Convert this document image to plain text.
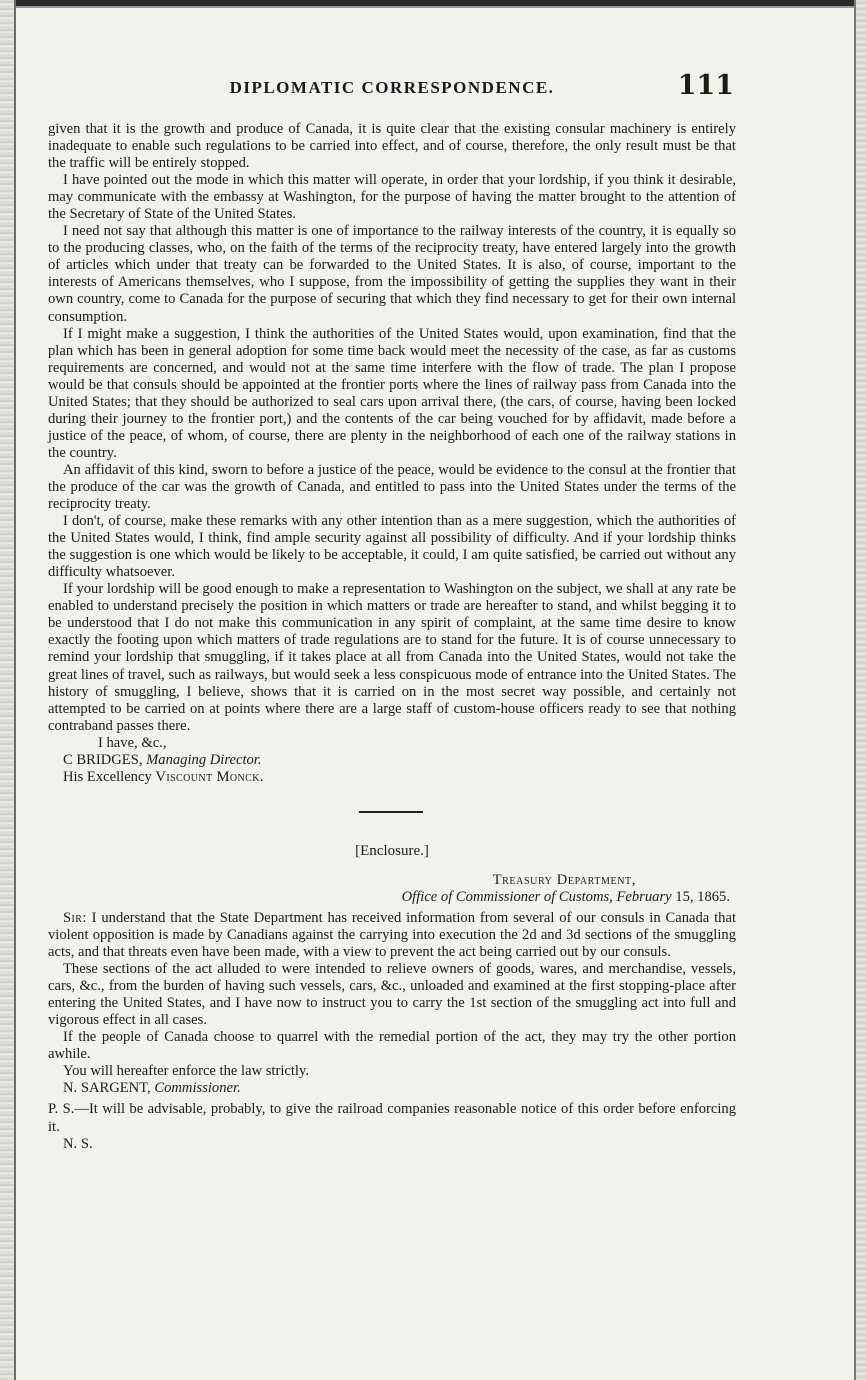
DIPLOMATIC CORRESPONDENCE.	111

given that it is the growth and produce of Canada, it is quite clear that the existing consular machinery is entirely inadequate to enable such regulations to be carried into effect, and of course, therefore, the only result must be that the traffic will be entirely stopped.

I have pointed out the mode in which this matter will operate, in order that your lordship, if you think it desirable, may communicate with the embassy at Washington, for the purpose of having the matter brought to the attention of the Secretary of State of the United States.

I need not say that although this matter is one of importance to the railway interests of the country, it is equally so to the producing classes, who, on the faith of the terms of the reciprocity treaty, have entered largely into the growth of articles which under that treaty can be forwarded to the United States. It is also, of course, important to the interests of Americans themselves, who I suppose, from the impossibility of getting the supplies they want in their own country, come to Canada for the purpose of securing that which they find necessary to get for their own internal consumption.

If I might make a suggestion, I think the authorities of the United States would, upon examination, find that the plan which has been in general adoption for some time back would meet the necessity of the case, as far as customs requirements are concerned, and would not at the same time interfere with the flow of trade. The plan I propose would be that consuls should be appointed at the frontier ports where the lines of railway pass from Canada into the United States; that they should be authorized to seal cars upon arrival there, (the cars, of course, having been locked during their journey to the frontier port,) and the contents of the car being vouched for by affidavit, made before a justice of the peace, of whom, of course, there are plenty in the neighborhood of each one of the railway stations in the country.

An affidavit of this kind, sworn to before a justice of the peace, would be evidence to the consul at the frontier that the produce of the car was the growth of Canada, and entitled to pass into the United States under the terms of the reciprocity treaty.

I don't, of course, make these remarks with any other intention than as a mere suggestion, which the authorities of the United States would, I think, find ample security against all possibility of difficulty. And if your lordship thinks the suggestion is one which would be likely to be acceptable, it could, I am quite satisfied, be carried out without any difficulty whatsoever.

If your lordship will be good enough to make a representation to Washington on the subject, we shall at any rate be enabled to understand precisely the position in which matters or trade are hereafter to stand, and whilst begging it to be understood that I do not make this communication in any spirit of complaint, at the same time desire to know exactly the footing upon which matters of trade regulations are to stand for the future. It is of course unnecessary to remind your lordship that smuggling, if it takes place at all from Canada into the United States, would not take the great lines of travel, such as railways, but would seek a less conspicuous mode of entrance into the United States. The history of smuggling, I believe, shows that it is carried on in the most secret way possible, and certainly not attempted to be carried on at points where there are a large staff of custom-house officers ready to see that nothing contraband passes there.

I have, &c.,

C BRIDGES, Managing Director.

His Excellency Viscount Monck.

[Enclosure.]
Treasury Department,
Office of Commissioner of Customs, February 15, 1865.

Sir: I understand that the State Department has received information from several of our consuls in Canada that violent opposition is made by Canadians against the carrying into execution the 2d and 3d sections of the smuggling acts, and that threats even have been made, with a view to prevent the act being carried out by our consuls.

These sections of the act alluded to were intended to relieve owners of goods, wares, and merchandise, vessels, cars, &c., from the burden of having such vessels, cars, &c., unloaded and examined at the first stopping-place after entering the United States, and I have now to instruct you to carry the 1st section of the smuggling act into full and vigorous effect in all cases.

If the people of Canada choose to quarrel with the remedial portion of the act, they may try the other portion awhile.

You will hereafter enforce the law strictly.

N. SARGENT, Commissioner.

P. S.—It will be advisable, probably, to give the railroad companies reasonable notice of this order before enforcing it.

N. S.
